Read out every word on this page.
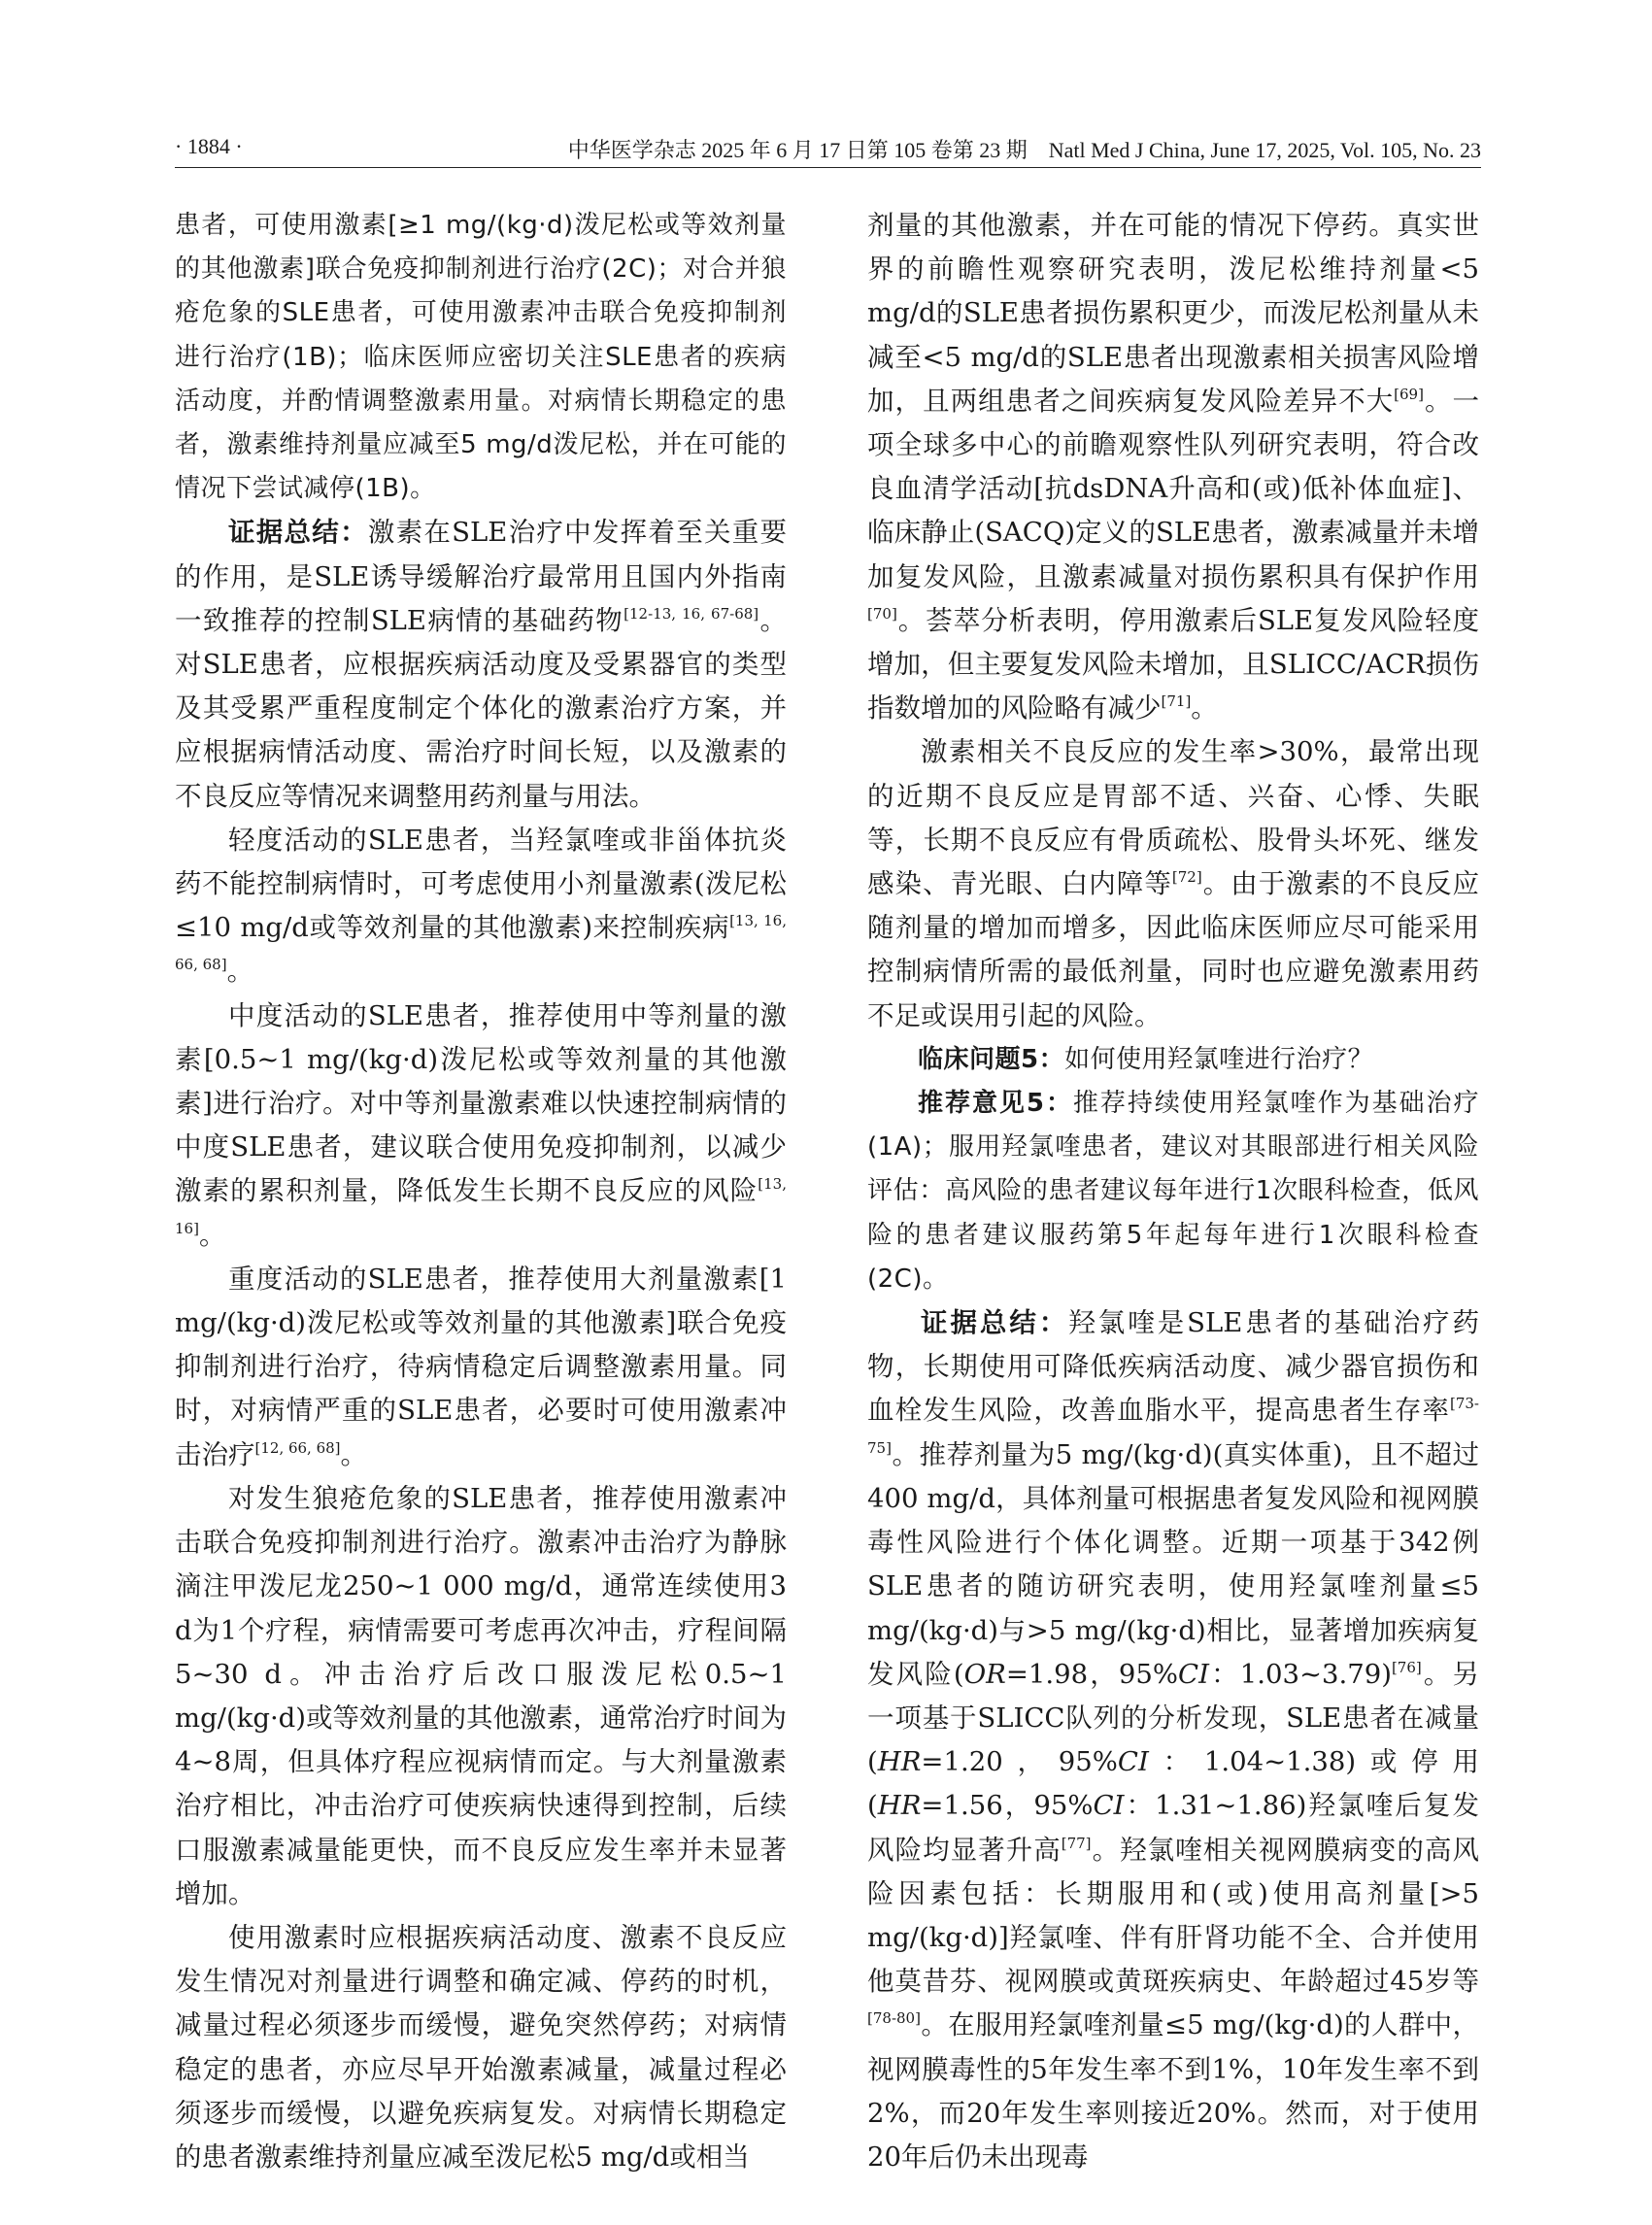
· 1884 ·	中华医学杂志 2025 年 6 月 17 日第 105 卷第 23 期　Natl Med J China, June 17, 2025, Vol. 105, No. 23

患者，可使用激素[≥1 mg/(kg·d)泼尼松或等效剂量的其他激素]联合免疫抑制剂进行治疗(2C)；对合并狼疮危象的SLE患者，可使用激素冲击联合免疫抑制剂进行治疗(1B)；临床医师应密切关注SLE患者的疾病活动度，并酌情调整激素用量。对病情长期稳定的患者，激素维持剂量应减至5 mg/d泼尼松，并在可能的情况下尝试减停(1B)。

证据总结：激素在SLE治疗中发挥着至关重要的作用，是SLE诱导缓解治疗最常用且国内外指南一致推荐的控制SLE病情的基础药物[12-13, 16, 67-68]。对SLE患者，应根据疾病活动度及受累器官的类型及其受累严重程度制定个体化的激素治疗方案，并应根据病情活动度、需治疗时间长短，以及激素的不良反应等情况来调整用药剂量与用法。

轻度活动的SLE患者，当羟氯喹或非甾体抗炎药不能控制病情时，可考虑使用小剂量激素(泼尼松≤10 mg/d或等效剂量的其他激素)来控制疾病[13, 16, 66, 68]。

中度活动的SLE患者，推荐使用中等剂量的激素[0.5~1 mg/(kg·d)泼尼松或等效剂量的其他激素]进行治疗。对中等剂量激素难以快速控制病情的中度SLE患者，建议联合使用免疫抑制剂，以减少激素的累积剂量，降低发生长期不良反应的风险[13, 16]。

重度活动的SLE患者，推荐使用大剂量激素[1 mg/(kg·d)泼尼松或等效剂量的其他激素]联合免疫抑制剂进行治疗，待病情稳定后调整激素用量。同时，对病情严重的SLE患者，必要时可使用激素冲击治疗[12, 66, 68]。

对发生狼疮危象的SLE患者，推荐使用激素冲击联合免疫抑制剂进行治疗。激素冲击治疗为静脉滴注甲泼尼龙250~1 000 mg/d，通常连续使用3 d为1个疗程，病情需要可考虑再次冲击，疗程间隔5~30 d。冲击治疗后改口服泼尼松0.5~1 mg/(kg·d)或等效剂量的其他激素，通常治疗时间为4~8周，但具体疗程应视病情而定。与大剂量激素治疗相比，冲击治疗可使疾病快速得到控制，后续口服激素减量能更快，而不良反应发生率并未显著增加。

使用激素时应根据疾病活动度、激素不良反应发生情况对剂量进行调整和确定减、停药的时机，减量过程必须逐步而缓慢，避免突然停药；对病情稳定的患者，亦应尽早开始激素减量，减量过程必须逐步而缓慢，以避免疾病复发。对病情长期稳定的患者激素维持剂量应减至泼尼松5 mg/d或相当

剂量的其他激素，并在可能的情况下停药。真实世界的前瞻性观察研究表明，泼尼松维持剂量<5 mg/d的SLE患者损伤累积更少，而泼尼松剂量从未减至<5 mg/d的SLE患者出现激素相关损害风险增加，且两组患者之间疾病复发风险差异不大[69]。一项全球多中心的前瞻观察性队列研究表明，符合改良血清学活动[抗dsDNA升高和(或)低补体血症]、临床静止(SACQ)定义的SLE患者，激素减量并未增加复发风险，且激素减量对损伤累积具有保护作用[70]。荟萃分析表明，停用激素后SLE复发风险轻度增加，但主要复发风险未增加，且SLICC/ACR损伤指数增加的风险略有减少[71]。

激素相关不良反应的发生率>30%，最常出现的近期不良反应是胃部不适、兴奋、心悸、失眠等，长期不良反应有骨质疏松、股骨头坏死、继发感染、青光眼、白内障等[72]。由于激素的不良反应随剂量的增加而增多，因此临床医师应尽可能采用控制病情所需的最低剂量，同时也应避免激素用药不足或误用引起的风险。

临床问题5：如何使用羟氯喹进行治疗？

推荐意见5：推荐持续使用羟氯喹作为基础治疗(1A)；服用羟氯喹患者，建议对其眼部进行相关风险评估：高风险的患者建议每年进行1次眼科检查，低风险的患者建议服药第5年起每年进行1次眼科检查(2C)。

证据总结：羟氯喹是SLE患者的基础治疗药物，长期使用可降低疾病活动度、减少器官损伤和血栓发生风险，改善血脂水平，提高患者生存率[73-75]。推荐剂量为5 mg/(kg·d)(真实体重)，且不超过400 mg/d，具体剂量可根据患者复发风险和视网膜毒性风险进行个体化调整。近期一项基于342例SLE患者的随访研究表明，使用羟氯喹剂量≤5 mg/(kg·d)与>5 mg/(kg·d)相比，显著增加疾病复发风险(OR=1.98，95%CI：1.03~3.79)[76]。另一项基于SLICC队列的分析发现，SLE患者在减量(HR=1.20，95%CI：1.04~1.38)或停用(HR=1.56，95%CI：1.31~1.86)羟氯喹后复发风险均显著升高[77]。羟氯喹相关视网膜病变的高风险因素包括：长期服用和(或)使用高剂量[>5 mg/(kg·d)]羟氯喹、伴有肝肾功能不全、合并使用他莫昔芬、视网膜或黄斑疾病史、年龄超过45岁等[78-80]。在服用羟氯喹剂量≤5 mg/(kg·d)的人群中，视网膜毒性的5年发生率不到1%，10年发生率不到2%，而20年发生率则接近20%。然而，对于使用20年后仍未出现毒
